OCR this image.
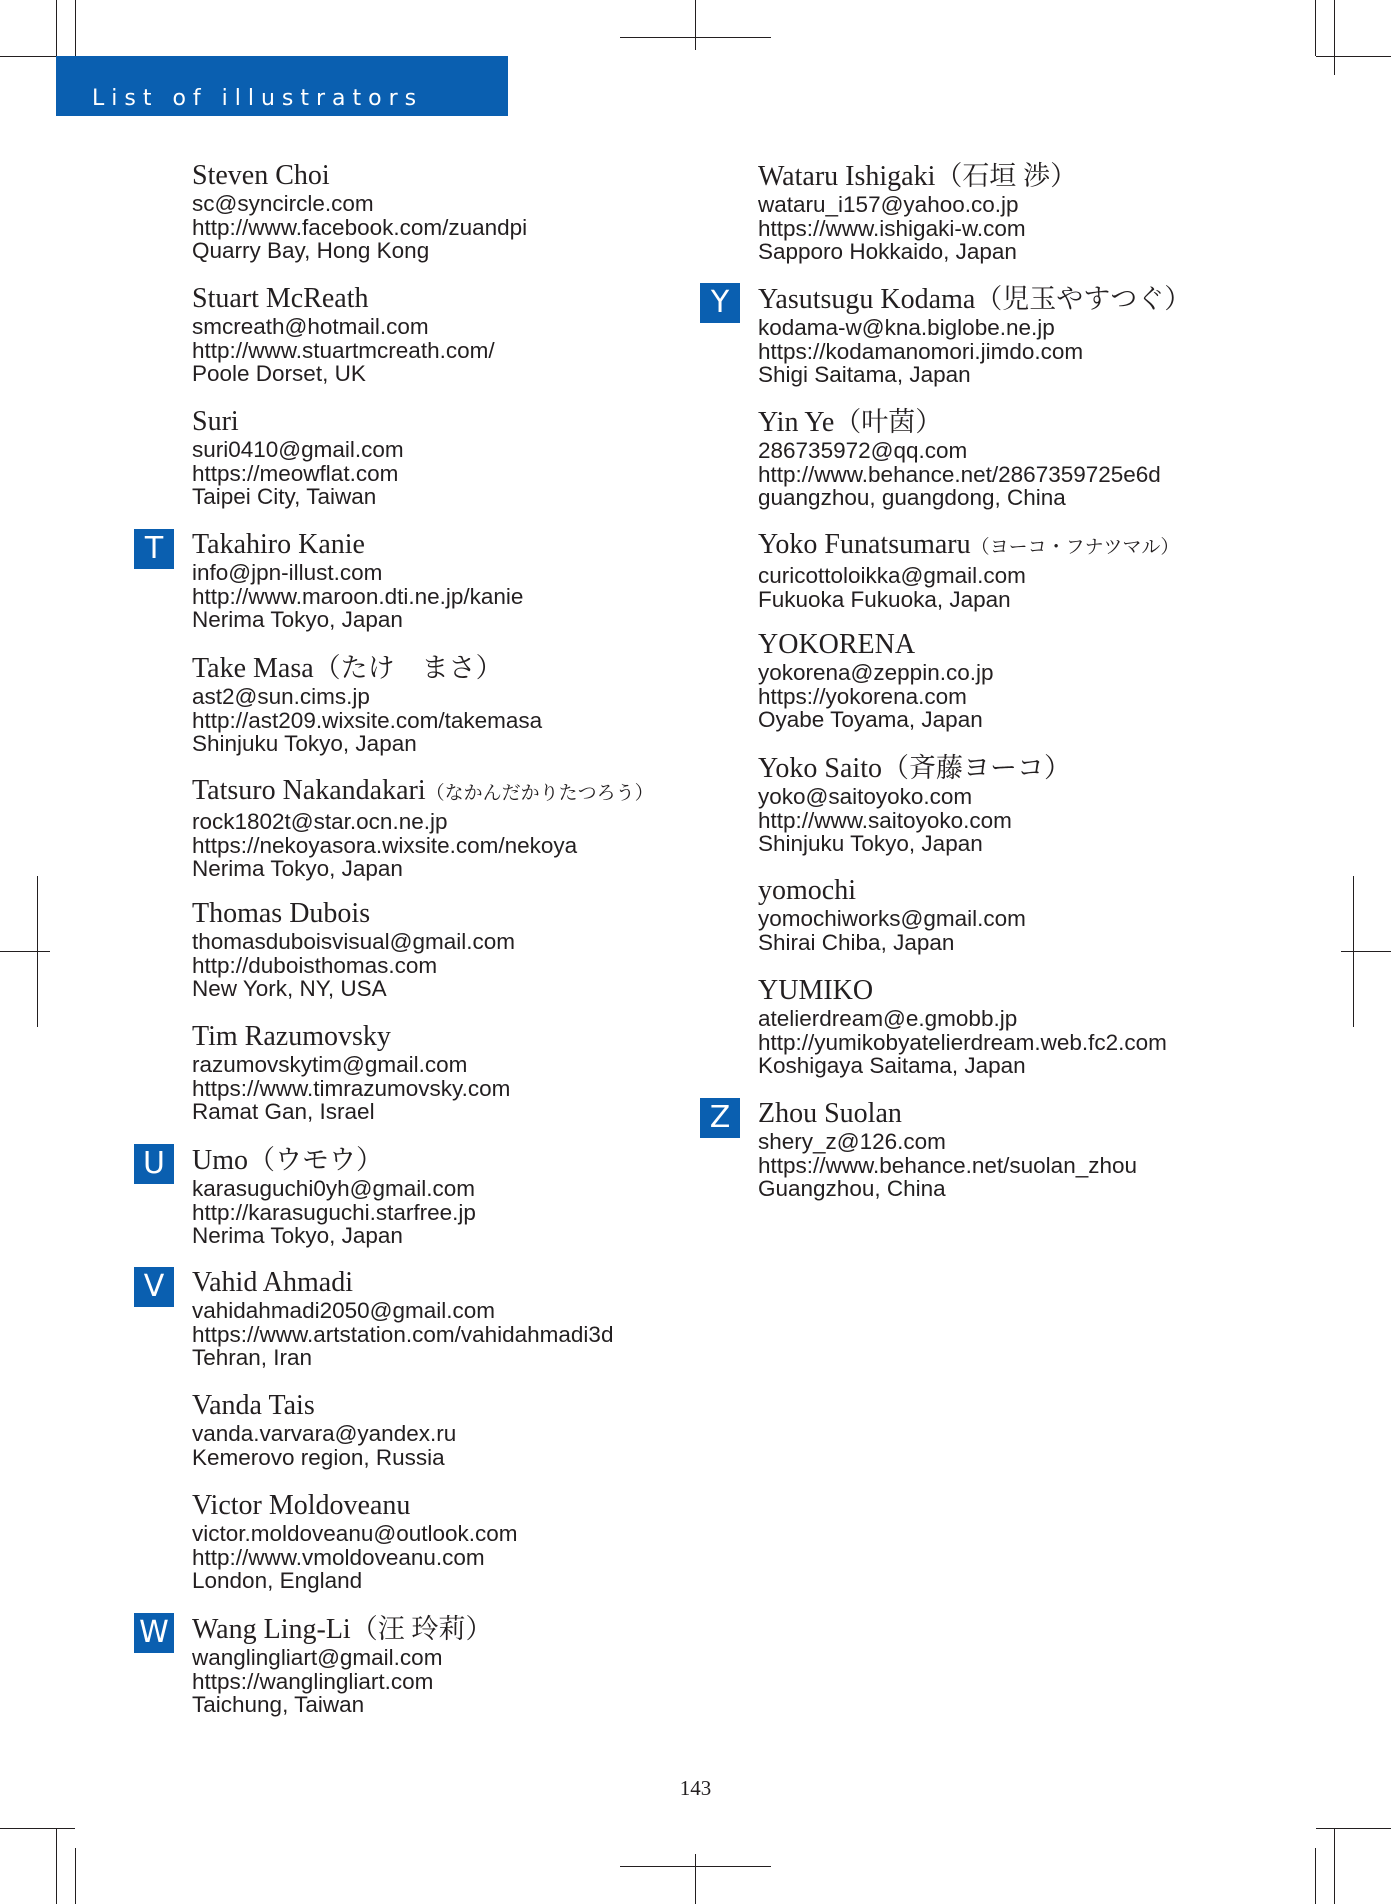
List of illustrators
Steven Choi
sc@syncircle.com
http://www.facebook.com/zuandpi
Quarry Bay, Hong Kong
Stuart McReath
smcreath@hotmail.com
http://www.stuartmcreath.com/
Poole Dorset, UK
Suri
suri0410@gmail.com
https://meowflat.com
Taipei City, Taiwan
T	Takahiro Kanie
info@jpn-illust.com
http://www.maroon.dti.ne.jp/kanie
Nerima Tokyo, Japan
Take Masa（たけ　まさ）
ast2@sun.cims.jp
http://ast209.wixsite.com/takemasa
Shinjuku Tokyo, Japan
Tatsuro Nakandakari（なかんだかりたつろう）
rock1802t@star.ocn.ne.jp
https://nekoyasora.wixsite.com/nekoya
Nerima Tokyo, Japan
Thomas Dubois
thomasduboisvisual@gmail.com
http://duboisthomas.com
New York, NY, USA
Tim Razumovsky
razumovskytim@gmail.com
https://www.timrazumovsky.com
Ramat Gan, Israel
U Umo（ウモウ）
karasuguchi0yh@gmail.com
http://karasuguchi.starfree.jp
Nerima Tokyo, Japan
V Vahid Ahmadi
vahidahmadi2050@gmail.com
https://www.artstation.com/vahidahmadi3d
Tehran, Iran
Vanda Tais
vanda.varvara@yandex.ru
Kemerovo region, Russia
Victor Moldoveanu
victor.moldoveanu@outlook.com
http://www.vmoldoveanu.com
London, England
W Wang Ling-Li（汪 玲莉）
wanglingliart@gmail.com
https://wanglingliart.com
Taichung, Taiwan
Wataru Ishigaki（石垣 渉）
wataru_i157@yahoo.co.jp
https://www.ishigaki-w.com
Sapporo Hokkaido, Japan
Y	Yasutsugu Kodama（児玉やすつぐ）
kodama-w@kna.biglobe.ne.jp
https://kodamanomori.jimdo.com
Shigi Saitama, Japan
Yin Ye（叶茵）
286735972@qq.com
http://www.behance.net/2867359725e6d
guangzhou, guangdong, China
Yoko Funatsumaru（ヨーコ・フナツマル）
curicottoloikka@gmail.com
Fukuoka Fukuoka, Japan
YOKORENA
yokorena@zeppin.co.jp
https://yokorena.com
Oyabe Toyama, Japan
Yoko Saito（斉藤ヨーコ）
yoko@saitoyoko.com
http://www.saitoyoko.com
Shinjuku Tokyo, Japan
yomochi
yomochiworks@gmail.com
Shirai Chiba, Japan
YUMIKO
atelierdream@e.gmobb.jp
http://yumikobyatelierdream.web.fc2.com
Koshigaya Saitama, Japan
Z Zhou Suolan
shery_z@126.com
https://www.behance.net/suolan_zhou
Guangzhou, China
143
